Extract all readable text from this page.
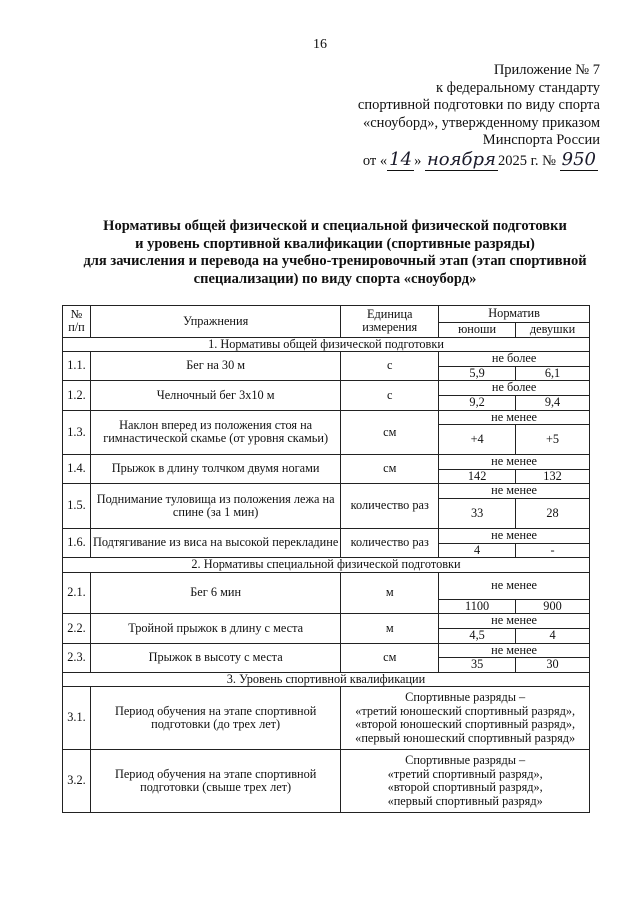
16
Приложение № 7
к федеральному стандарту
спортивной подготовки по виду спорта
«сноуборд», утвержденному приказом
Минспорта России
от « 14 » ноября 2025 г. № 950
Нормативы общей физической и специальной физической подготовки
и уровень спортивной квалификации (спортивные разряды)
для зачисления и перевода на учебно-тренировочный этап (этап спортивной
специализации) по виду спорта «сноуборд»
№ п/п	Упражнения	Единица измерения	Норматив	
			юноши	девушки
1. Нормативы общей физической подготовки				
1.1.	Бег на 30 м	с	не более	
			5,9	6,1
1.2.	Челночный бег 3х10 м	с	не более	
			9,2	9,4
1.3.	Наклон вперед из положения стоя на гимнастической скамье (от уровня скамьи)	см	не менее	
			+4	+5
1.4.	Прыжок в длину толчком двумя ногами	см	не менее	
			142	132
1.5.	Поднимание туловища из положения лежа на спине (за 1 мин)	количество раз	не менее	
			33	28
1.6.	Подтягивание из виса на высокой перекладине	количество раз	не менее	
			4	-
2. Нормативы специальной физической подготовки				
2.1.	Бег 6 мин	м	не менее	
			1100	900
2.2.	Тройной прыжок в длину с места	м	не менее	
			4,5	4
2.3.	Прыжок в высоту с места	см	не менее	
			35	30
3. Уровень спортивной квалификации				
3.1.	Период обучения на этапе спортивной подготовки (до трех лет)	Спортивные разряды –
«третий юношеский спортивный разряд»,
«второй юношеский спортивный разряд»,
«первый юношеский спортивный разряд»		

3.2.	Период обучения на этапе спортивной подготовки (свыше трех лет)	Спортивные разряды –
«третий спортивный разряд»,
«второй спортивный разряд»,
«первый спортивный разряд»		
